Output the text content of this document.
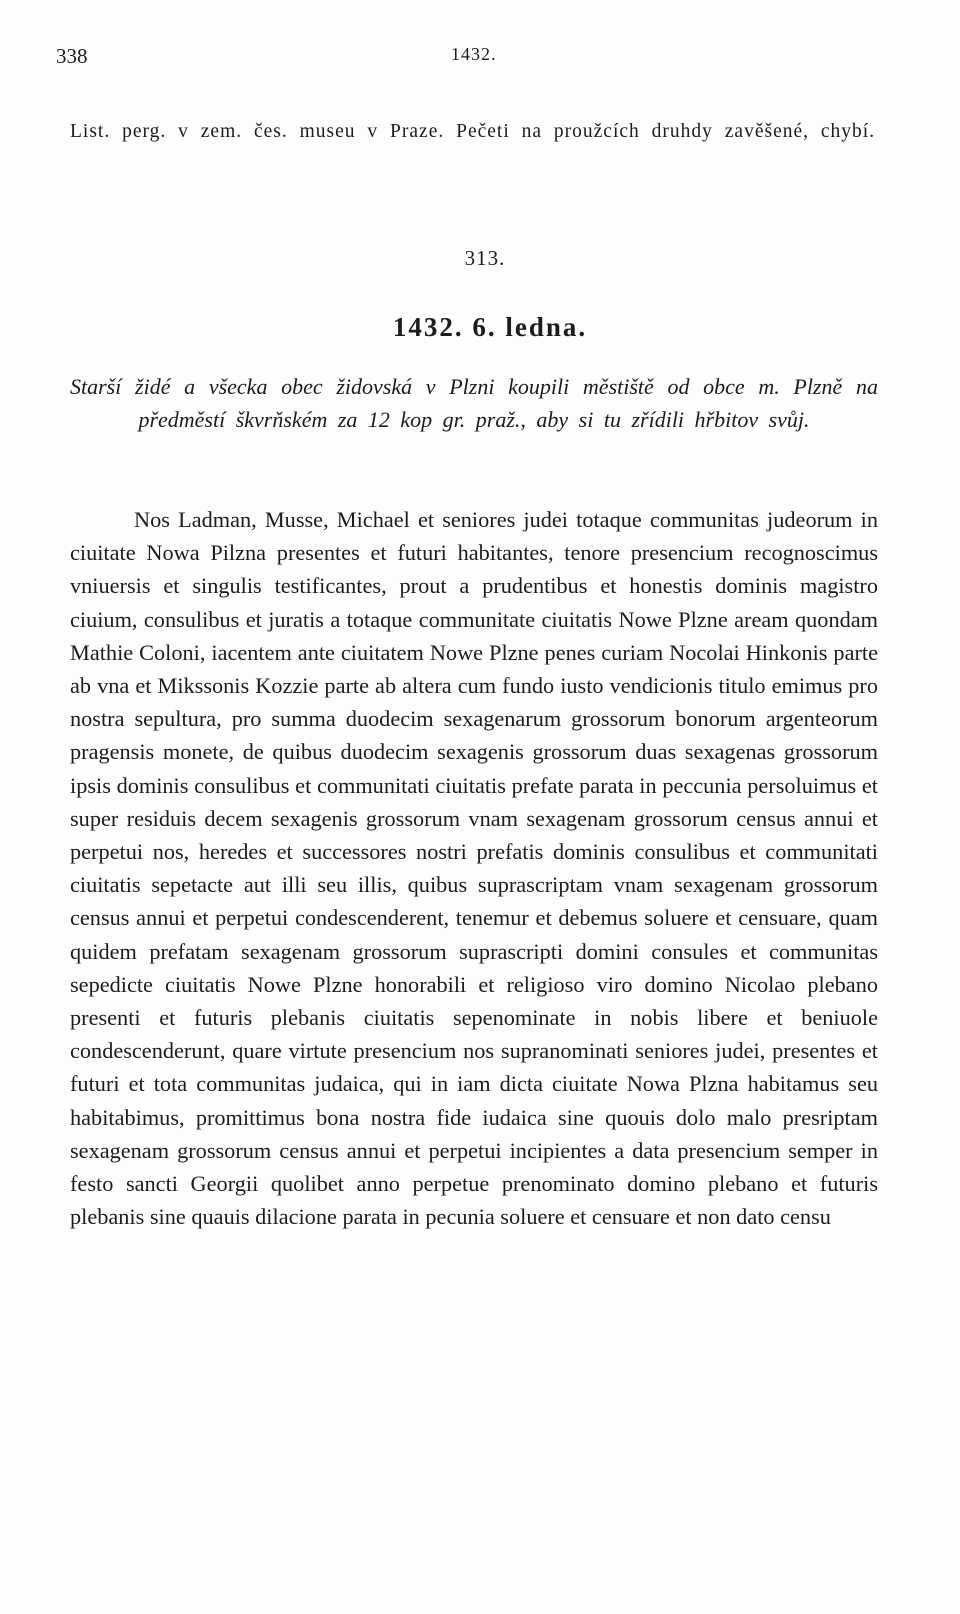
338	1432.
List. perg. v zem. čes. museu v Praze. Pečeti na proužcích druhdy zavěšené, chybí.
313.
1432. 6. ledna.
Starší židé a všecka obec židovská v Plzni koupili městiště od obce m. Plzně na předměstí škvrňském za 12 kop gr. praž., aby si tu zřídili hřbitov svůj.

Nos Ladman, Musse, Michael et seniores judei totaque communitas judeorum in ciuitate Nowa Pilzna presentes et futuri habitantes, tenore presencium recognoscimus vniuersis et singulis testificantes, prout a prudentibus et honestis dominis magistro ciuium, consulibus et juratis a totaque communitate ciuitatis Nowe Plzne aream quondam Mathie Coloni, iacentem ante ciuitatem Nowe Plzne penes curiam Nocolai Hinkonis parte ab vna et Mikssonis Kozzie parte ab altera cum fundo iusto vendicionis titulo emimus pro nostra sepultura, pro summa duodecim sexagenarum grossorum bonorum argenteorum pragensis monete, de quibus duodecim sexagenis grossorum duas sexagenas grossorum ipsis dominis consulibus et communitati ciuitatis prefate parata in peccunia persoluimus et super residuis decem sexagenis grossorum vnam sexagenam grossorum census annui et perpetui nos, heredes et successores nostri prefatis dominis consulibus et communitati ciuitatis sepetacte aut illi seu illis, quibus suprascriptam vnam sexagenam grossorum census annui et perpetui condescenderent, tenemur et debemus soluere et censuare, quam quidem prefatam sexagenam grossorum suprascripti domini consules et communitas sepedicte ciuitatis Nowe Plzne honorabili et religioso viro domino Nicolao plebano presenti et futuris plebanis ciuitatis sepenominate in nobis libere et beniuole condescenderunt, quare virtute presencium nos supranominati seniores judei, presentes et futuri et tota communitas judaica, qui in iam dicta ciuitate Nowa Plzna habitamus seu habitabimus, promittimus bona nostra fide iudaica sine quouis dolo malo presriptam sexagenam grossorum census annui et perpetui incipientes a data presencium semper in festo sancti Georgii quolibet anno perpetue prenominato domino plebano et futuris plebanis sine quauis dilacione parata in pecunia soluere et censuare et non dato censu
